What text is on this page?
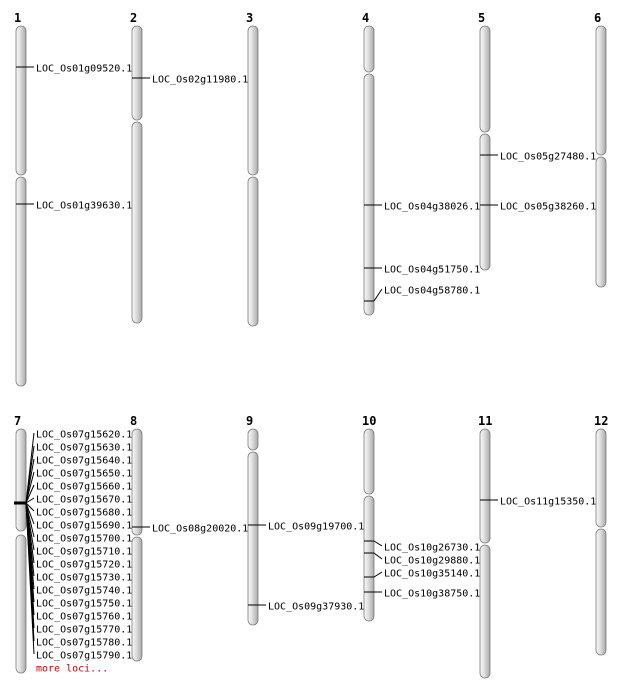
1
LOC_Os01g09520.1
LOC_Os01g39630.1
2
LOC_Os02g11980.1
3	4
LOC_Os04g38026.1
LOC_Os04g51750.1
LOC_Os04g58780.1
5
LOC_Os05g27480.1
LOC_Os05g38260.1
6
7
LOC_Os07g15620.1
LOC_Os07g15630.1
LOC_Os07g15640.1
LOC_Os07g15650.1
LOC_Os07g15660.1
LOC_Os07g15670.1
LOC_Os07g15680.1
LOC_Os07g15690.1
LOC_Os07g15700.1
LOC_Os07g15710.1
LOC_Os07g15720.1
LOC_Os07g15730.1
LOC_Os07g15740.1
LOC_Os07g15750.1
LOC_Os07g15760.1
LOC_Os07g15770.1
LOC_Os07g15780.1
LOC_Os07g15790.1
more loci...
8
LOC_Os08g20020.1
9
LOC_Os09g19700.1
LOC_Os09g37930.1
10
LOC_Os10g26730.1
LOC_Os10g29880.1
LOC_Os10g35140.1
LOC_Os10g38750.1
11
LOC_Os11g15350.1
12
